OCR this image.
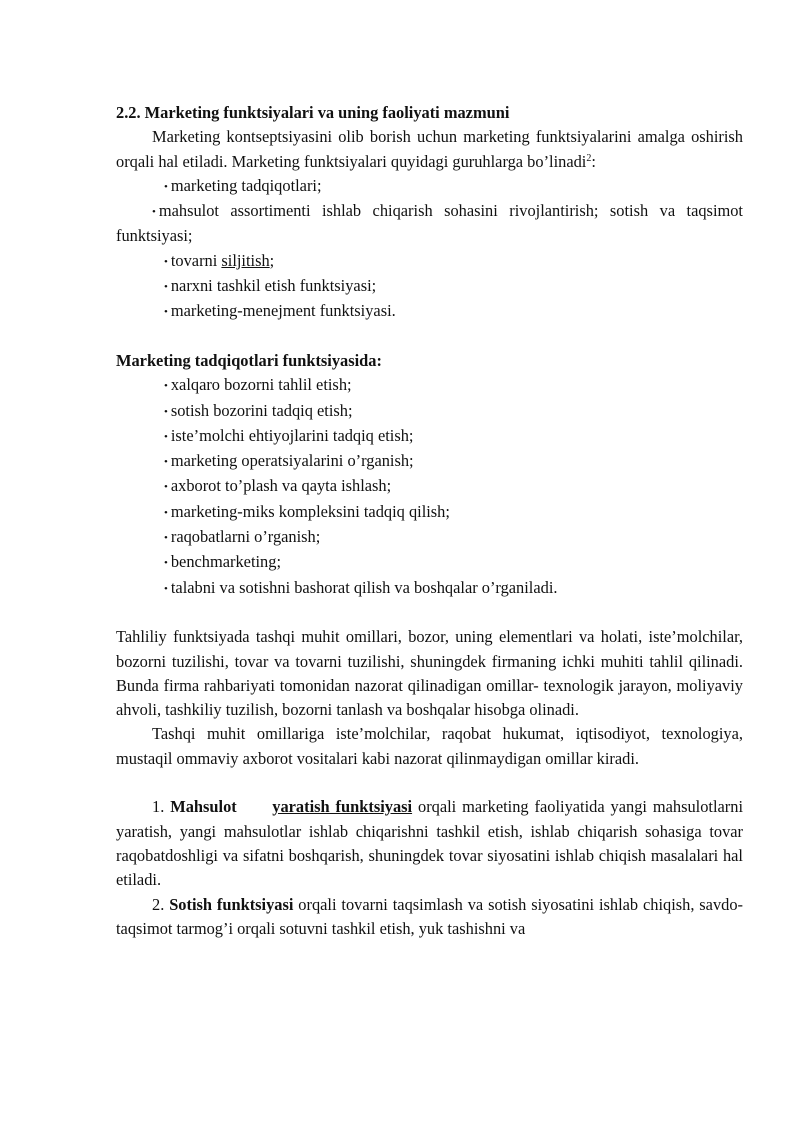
2.2. Marketing funktsiyalari va uning faoliyati mazmuni

Marketing kontseptsiyasini olib borish uchun marketing funktsiyalarini amalga oshirish orqali hal etiladi. Marketing funktsiyalari quyidagi guruhlarga bo’linadi$^2$:

• marketing tadqiqotlari;
• mahsulot assortimenti ishlab chiqarish sohasini rivojlantirish; sotish va taqsimot funktsiyasi;
• tovarni siljitish;
• narxni tashkil etish funktsiyasi;
• marketing-menejment funktsiyasi.

Marketing tadqiqotlari funktsiyasida:

• xalqaro bozorni tahlil etish;
• sotish bozorini tadqiq etish;
• iste’molchi ehtiyojlarini tadqiq etish;
• marketing operatsiyalarini o’rganish;
• axborot to’plash va qayta ishlash;
• marketing-miks kompleksini tadqiq qilish;
• raqobatlarni o’rganish;
• benchmarketing;
• talabni va sotishni bashorat qilish va boshqalar o’rganiladi.

Tahliliy funktsiyada tashqi muhit omillari, bozor, uning elementlari va holati, iste’molchilar, bozorni tuzilishi, tovar va tovarni tuzilishi, shuningdek firmaning ichki muhiti tahlil qilinadi. Bunda firma rahbariyati tomonidan nazorat qilinadigan omillar- texnologik jarayon, moliyaviy ahvoli, tashkiliy tuzilish, bozorni tanlash va boshqalar hisobga olinadi.

Tashqi muhit omillariga iste’molchilar, raqobat hukumat, iqtisodiyot, texnologiya, mustaqil ommaviy axborot vositalari kabi nazorat qilinmaydigan omillar kiradi.

1. Mahsulot yaratish funktsiyasi orqali marketing faoliyatida yangi mahsulotlarni yaratish, yangi mahsulotlar ishlab chiqarishni tashkil etish, ishlab chiqarish sohasiga tovar raqobatdoshligi va sifatni boshqarish, shuningdek tovar siyosatini ishlab chiqish masalalari hal etiladi.

2. Sotish funktsiyasi orqali tovarni taqsimlash va sotish siyosatini ishlab chiqish, savdo-taqsimot tarmog’i orqali sotuvni tashkil etish, yuk tashishni va
